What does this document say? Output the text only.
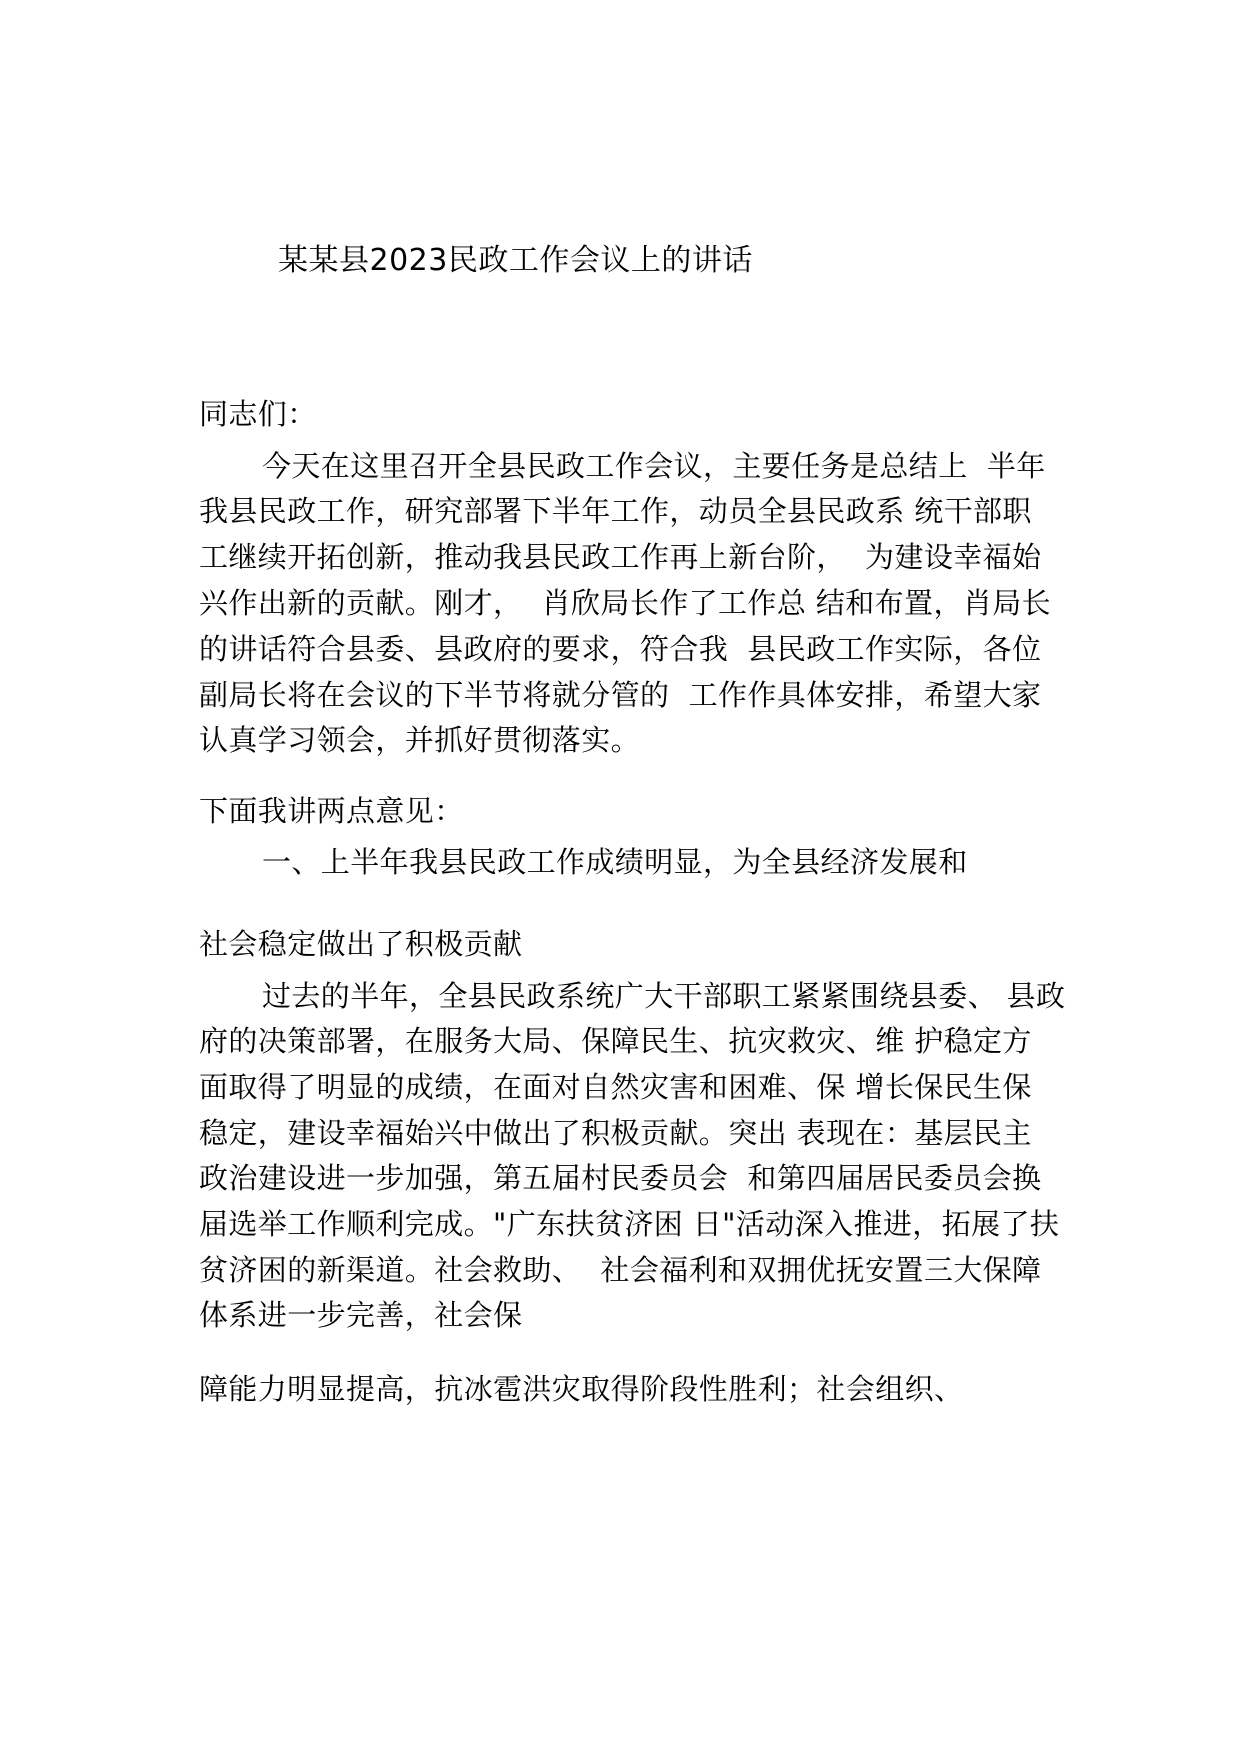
某某县2023民政工作会议上的讲话
同志们：
今天在这里召开全县民政工作会议，主要任务是总结上  半年
我县民政工作，研究部署下半年工作，动员全县民政系 统干部职
工继续开拓创新，推动我县民政工作再上新台阶，  为建设幸福始
兴作出新的贡献。刚才，  肖欣局长作了工作总 结和布置，肖局长
的讲话符合县委、县政府的要求，符合我  县民政工作实际，各位
副局长将在会议的下半节将就分管的  工作作具体安排，希望大家
认真学习领会，并抓好贯彻落实。
下面我讲两点意见：
一、上半年我县民政工作成绩明显，为全县经济发展和
社会稳定做出了积极贡献
过去的半年，全县民政系统广大干部职工紧紧围绕县委、 县政
府的决策部署，在服务大局、保障民生、抗灾救灾、维 护稳定方
面取得了明显的成绩，在面对自然灾害和困难、保 增长保民生保
稳定，建设幸福始兴中做出了积极贡献。突出 表现在：基层民主
政治建设进一步加强，第五届村民委员会  和第四届居民委员会换
届选举工作顺利完成。"广东扶贫济困 日"活动深入推进，拓展了扶
贫济困的新渠道。社会救助、  社会福利和双拥优抚安置三大保障
体系进一步完善，社会保
障能力明显提高，抗冰雹洪灾取得阶段性胜利；社会组织、
